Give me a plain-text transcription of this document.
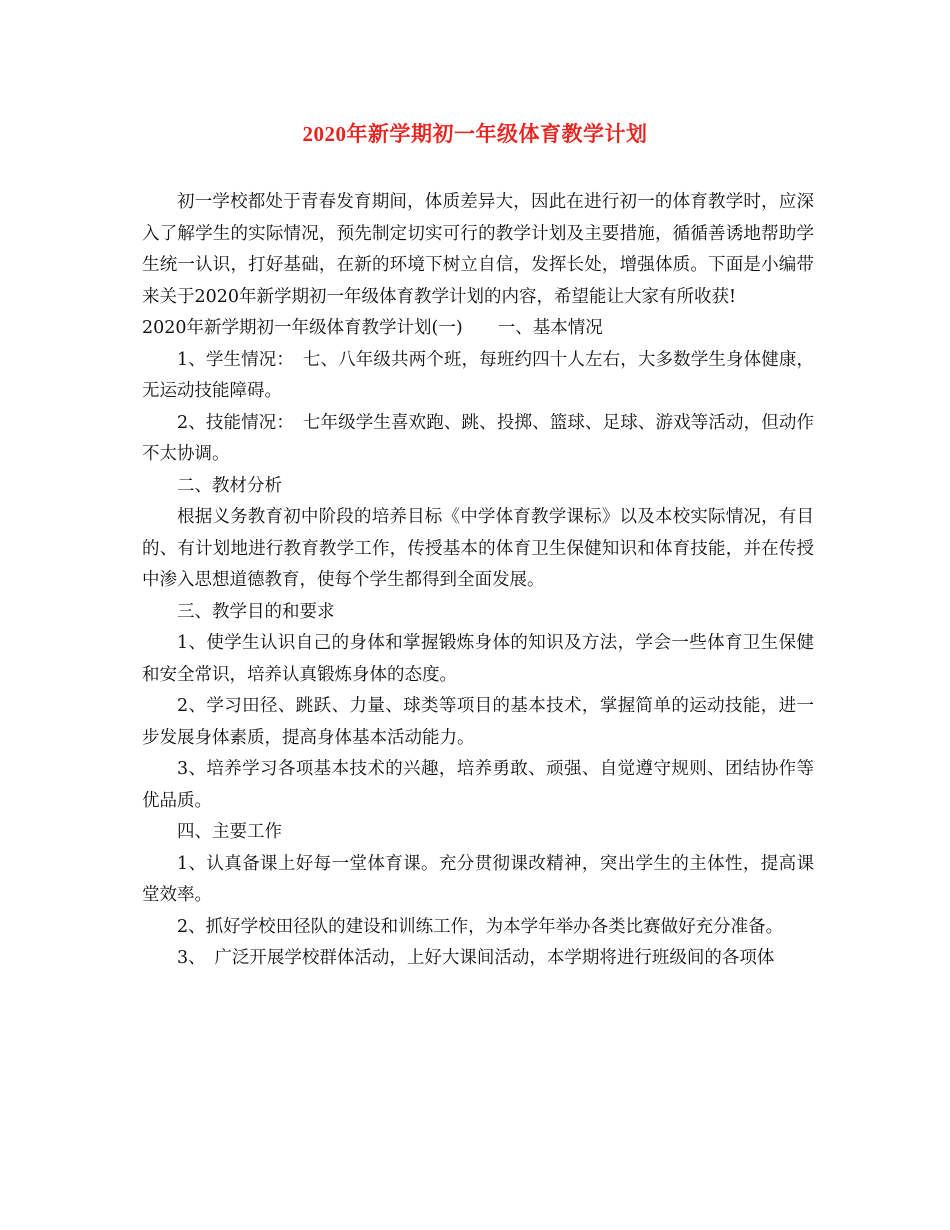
2020年新学期初一年级体育教学计划

初一学校都处于青春发育期间，体质差异大，因此在进行初一的体育教学时，应深入了解学生的实际情况，预先制定切实可行的教学计划及主要措施，循循善诱地帮助学生统一认识，打好基础，在新的环境下树立自信，发挥长处，增强体质。下面是小编带来关于2020年新学期初一年级体育教学计划的内容，希望能让大家有所收获!

2020年新学期初一年级体育教学计划(一)　　一、基本情况

1、学生情况：　七、八年级共两个班，每班约四十人左右，大多数学生身体健康，无运动技能障碍。

2、技能情况：　七年级学生喜欢跑、跳、投掷、篮球、足球、游戏等活动，但动作不太协调。

二、教材分析

根据义务教育初中阶段的培养目标《中学体育教学课标》以及本校实际情况，有目的、有计划地进行教育教学工作，传授基本的体育卫生保健知识和体育技能，并在传授中渗入思想道德教育，使每个学生都得到全面发展。

三、教学目的和要求

1、使学生认识自己的身体和掌握锻炼身体的知识及方法，学会一些体育卫生保健和安全常识，培养认真锻炼身体的态度。

2、学习田径、跳跃、力量、球类等项目的基本技术，掌握简单的运动技能，进一步发展身体素质，提高身体基本活动能力。

3、培养学习各项基本技术的兴趣，培养勇敢、顽强、自觉遵守规则、团结协作等优品质。

四、主要工作

1、认真备课上好每一堂体育课。充分贯彻课改精神，突出学生的主体性，提高课堂效率。

2、抓好学校田径队的建设和训练工作，为本学年举办各类比赛做好充分准备。

3、　广泛开展学校群体活动，上好大课间活动，本学期将进行班级间的各项体
